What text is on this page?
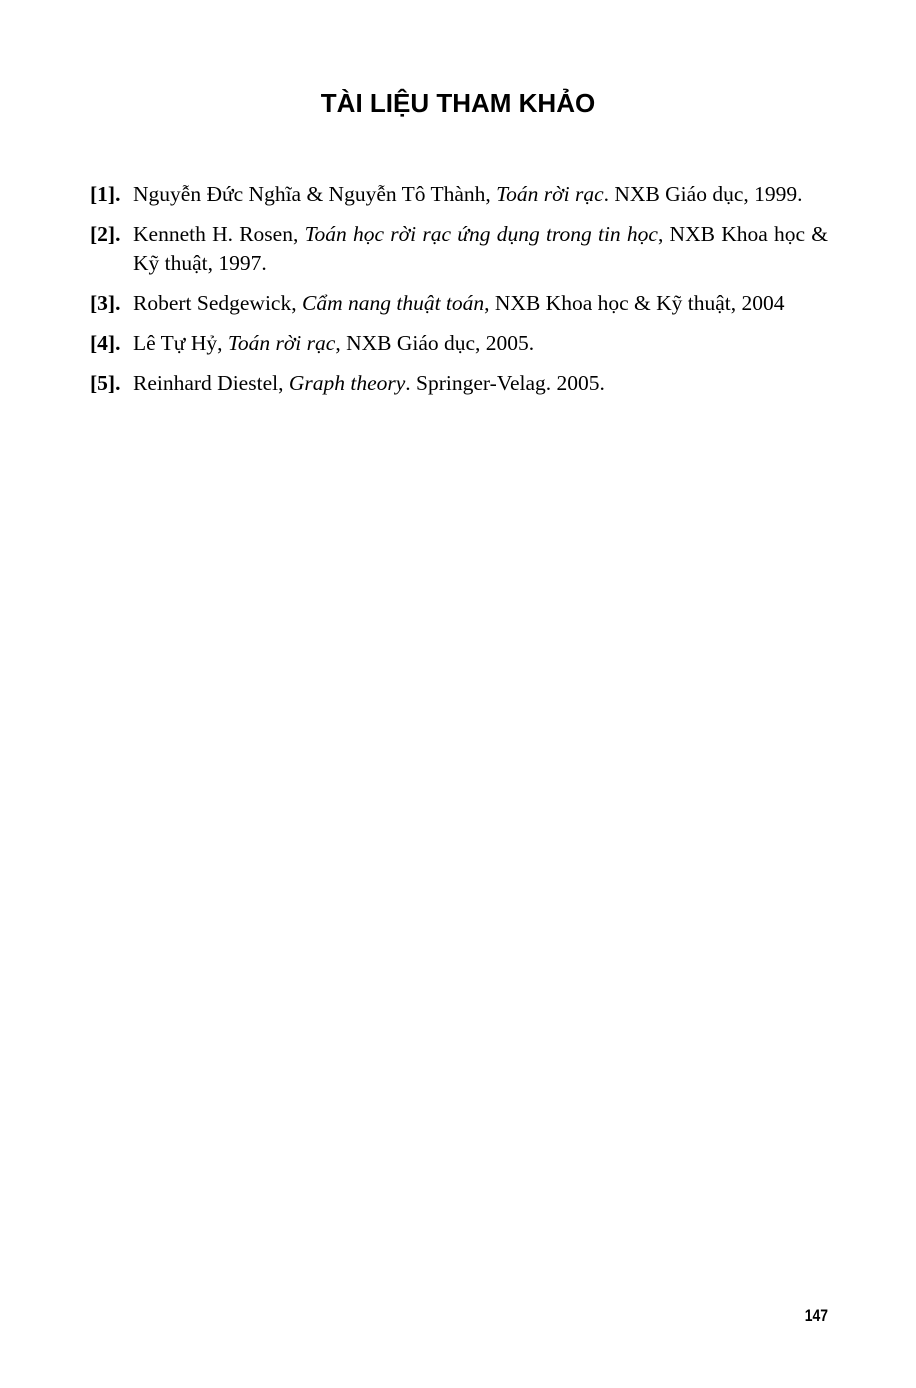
TÀI LIỆU THAM KHẢO
[1]. Nguyễn Đức Nghĩa & Nguyễn Tô Thành, Toán rời rạc. NXB Giáo dục, 1999.
[2]. Kenneth H. Rosen, Toán học rời rạc ứng dụng trong tin học, NXB Khoa học & Kỹ thuật, 1997.
[3]. Robert Sedgewick, Cẩm nang thuật toán, NXB Khoa học & Kỹ thuật, 2004
[4]. Lê Tự Hỷ, Toán rời rạc, NXB Giáo dục, 2005.
[5]. Reinhard Diestel, Graph theory. Springer-Velag. 2005.
147
